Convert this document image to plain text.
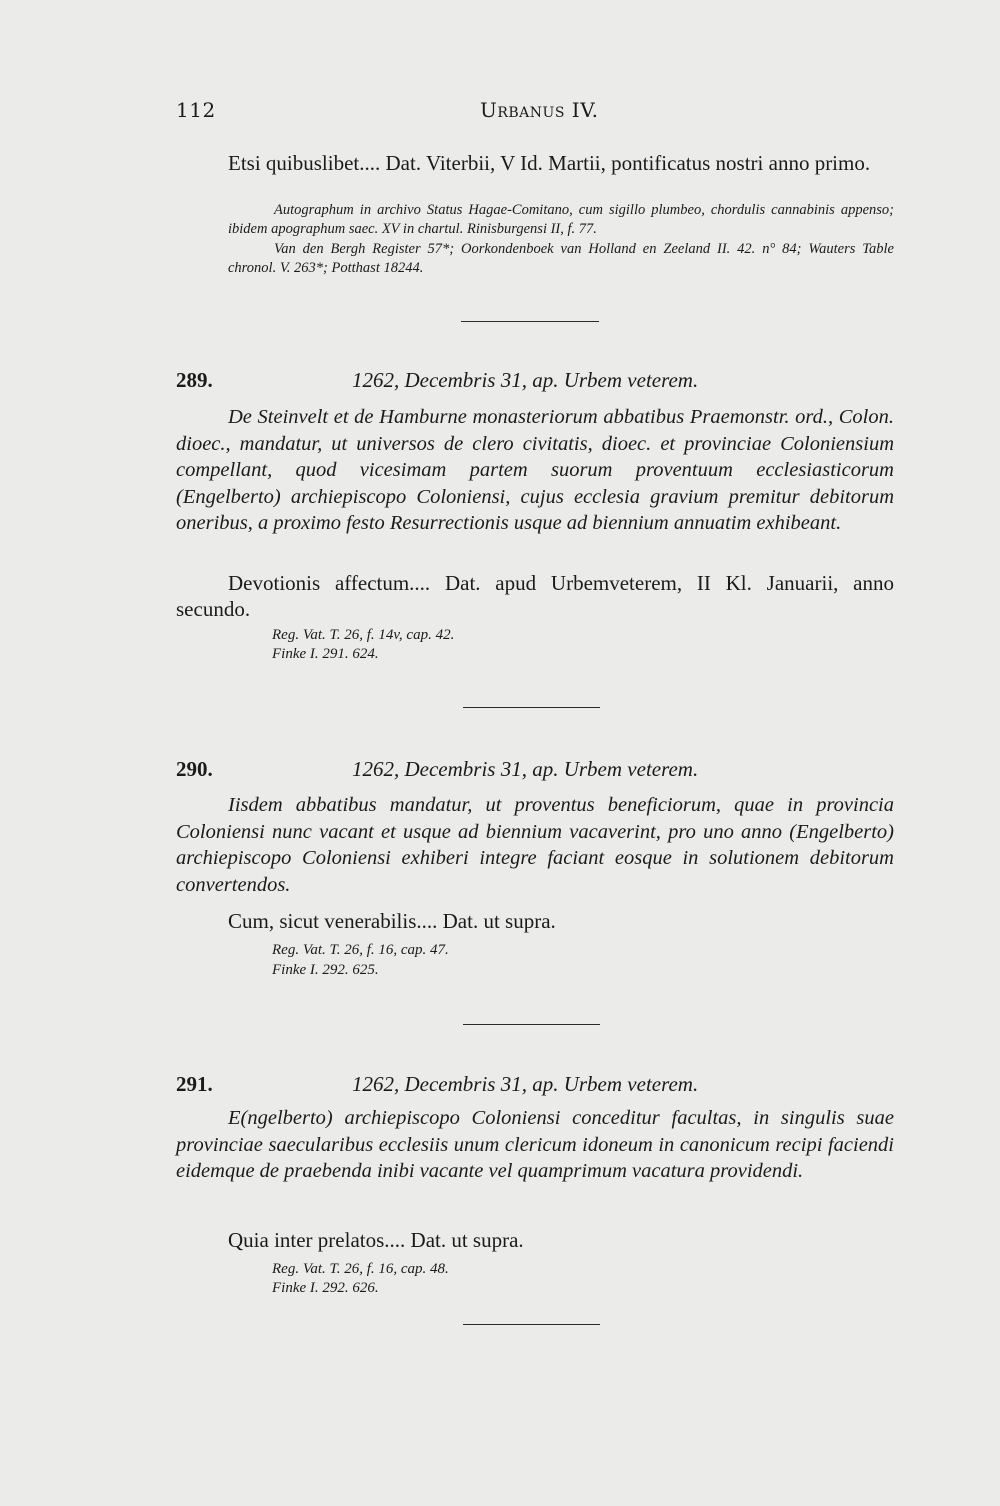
112	Urbanus IV.

Etsi quibuslibet.... Dat. Viterbii, V Id. Martii, pontificatus nostri anno primo.

Autographum in archivo Status Hagae-Comitano, cum sigillo plumbeo, chordulis cannabinis appenso; ibidem apographum saec. XV in chartul. Rinisburgensi II, f. 77.

Van den Bergh Register 57*; Oorkondenboek van Holland en Zeeland II. 42. n° 84; Wauters Table chronol. V. 263*; Potthast 18244.

289.	1262, Decembris 31, ap. Urbem veterem.

De Steinvelt et de Hamburne monasteriorum abbatibus Praemonstr. ord., Colon. dioec., mandatur, ut universos de clero civitatis, dioec. et provinciae Coloniensium compellant, quod vicesimam partem suorum proventuum ecclesiasticorum (Engelberto) archiepiscopo Coloniensi, cujus ecclesia gravium premitur debitorum oneribus, a proximo festo Resurrectionis usque ad biennium annuatim exhibeant.

Devotionis affectum.... Dat. apud Urbemveterem, II Kl. Januarii, anno secundo.

Reg. Vat. T. 26, f. 14v, cap. 42.
Finke I. 291. 624.
290.	1262, Decembris 31, ap. Urbem veterem.

Iisdem abbatibus mandatur, ut proventus beneficiorum, quae in provincia Coloniensi nunc vacant et usque ad biennium vacaverint, pro uno anno (Engelberto) archiepiscopo Coloniensi exhiberi integre faciant eosque in solutionem debitorum convertendos.

Cum, sicut venerabilis.... Dat. ut supra.

Reg. Vat. T. 26, f. 16, cap. 47.
Finke I. 292. 625.
291.	1262, Decembris 31, ap. Urbem veterem.

E(ngelberto) archiepiscopo Coloniensi conceditur facultas, in singulis suae provinciae saecularibus ecclesiis unum clericum idoneum in canonicum recipi faciendi eidemque de praebenda inibi vacante vel quamprimum vacatura providendi.

Quia inter prelatos.... Dat. ut supra.

Reg. Vat. T. 26, f. 16, cap. 48.
Finke I. 292. 626.
